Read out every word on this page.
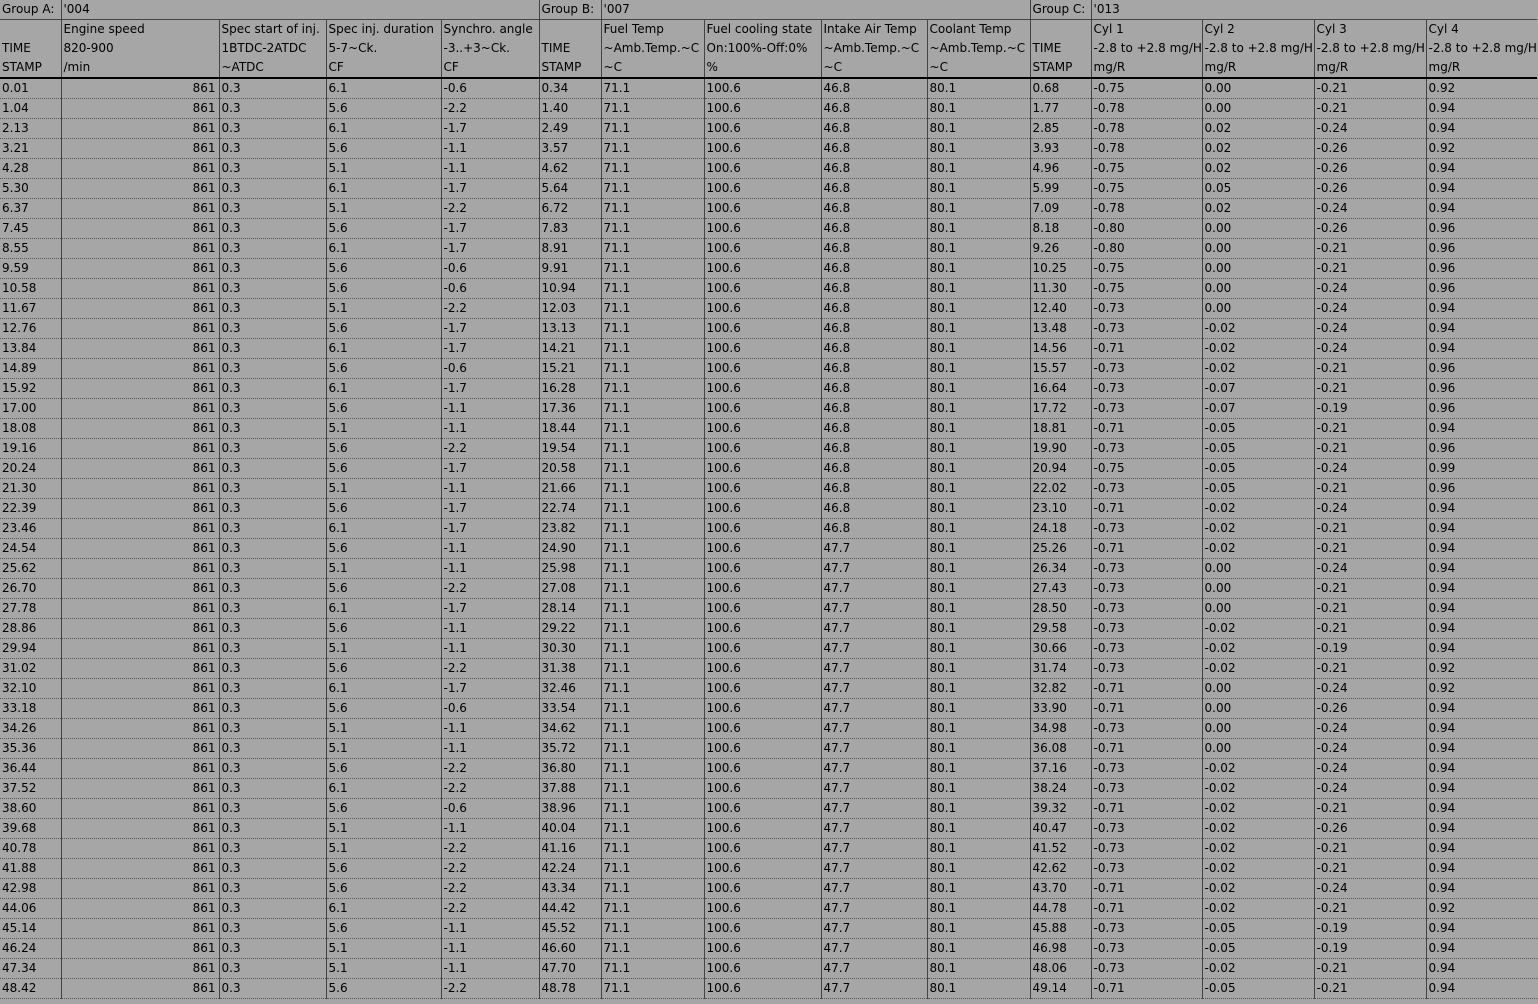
Group A:	'004				Group B:	'007				Group C:	'013			
	Engine speed	Spec start of inj.	Spec inj. duration	Synchro. angle		Fuel Temp	Fuel cooling state	Intake Air Temp	Coolant Temp		Cyl 1	Cyl 2	Cyl 3	Cyl 4
TIME	820-900	1BTDC-2ATDC	5-7~Ck.	-3..+3~Ck.	TIME	~Amb.Temp.~C	On:100%-Off:0%	~Amb.Temp.~C	~Amb.Temp.~C	TIME	-2.8 to +2.8 mg/H	-2.8 to +2.8 mg/H	-2.8 to +2.8 mg/H	-2.8 to +2.8 mg/H
STAMP	/min	~ATDC	CF	CF	STAMP	~C	%	~C	~C	STAMP	mg/R	mg/R	mg/R	mg/R
0.01	861	0.3	6.1	-0.6	0.34	71.1	100.6	46.8	80.1	0.68	-0.75	0.00	-0.21	0.92
1.04	861	0.3	5.6	-2.2	1.40	71.1	100.6	46.8	80.1	1.77	-0.78	0.00	-0.21	0.94
2.13	861	0.3	6.1	-1.7	2.49	71.1	100.6	46.8	80.1	2.85	-0.78	0.02	-0.24	0.94
3.21	861	0.3	5.6	-1.1	3.57	71.1	100.6	46.8	80.1	3.93	-0.78	0.02	-0.26	0.92
4.28	861	0.3	5.1	-1.1	4.62	71.1	100.6	46.8	80.1	4.96	-0.75	0.02	-0.26	0.94
5.30	861	0.3	6.1	-1.7	5.64	71.1	100.6	46.8	80.1	5.99	-0.75	0.05	-0.26	0.94
6.37	861	0.3	5.1	-2.2	6.72	71.1	100.6	46.8	80.1	7.09	-0.78	0.02	-0.24	0.94
7.45	861	0.3	5.6	-1.7	7.83	71.1	100.6	46.8	80.1	8.18	-0.80	0.00	-0.26	0.96
8.55	861	0.3	6.1	-1.7	8.91	71.1	100.6	46.8	80.1	9.26	-0.80	0.00	-0.21	0.96
9.59	861	0.3	5.6	-0.6	9.91	71.1	100.6	46.8	80.1	10.25	-0.75	0.00	-0.21	0.96
10.58	861	0.3	5.6	-0.6	10.94	71.1	100.6	46.8	80.1	11.30	-0.75	0.00	-0.24	0.96
11.67	861	0.3	5.1	-2.2	12.03	71.1	100.6	46.8	80.1	12.40	-0.73	0.00	-0.24	0.94
12.76	861	0.3	5.6	-1.7	13.13	71.1	100.6	46.8	80.1	13.48	-0.73	-0.02	-0.24	0.94
13.84	861	0.3	6.1	-1.7	14.21	71.1	100.6	46.8	80.1	14.56	-0.71	-0.02	-0.24	0.94
14.89	861	0.3	5.6	-0.6	15.21	71.1	100.6	46.8	80.1	15.57	-0.73	-0.02	-0.21	0.96
15.92	861	0.3	6.1	-1.7	16.28	71.1	100.6	46.8	80.1	16.64	-0.73	-0.07	-0.21	0.96
17.00	861	0.3	5.6	-1.1	17.36	71.1	100.6	46.8	80.1	17.72	-0.73	-0.07	-0.19	0.96
18.08	861	0.3	5.1	-1.1	18.44	71.1	100.6	46.8	80.1	18.81	-0.71	-0.05	-0.21	0.94
19.16	861	0.3	5.6	-2.2	19.54	71.1	100.6	46.8	80.1	19.90	-0.73	-0.05	-0.21	0.96
20.24	861	0.3	5.6	-1.7	20.58	71.1	100.6	46.8	80.1	20.94	-0.75	-0.05	-0.24	0.99
21.30	861	0.3	5.1	-1.1	21.66	71.1	100.6	46.8	80.1	22.02	-0.73	-0.05	-0.21	0.96
22.39	861	0.3	5.6	-1.7	22.74	71.1	100.6	46.8	80.1	23.10	-0.71	-0.02	-0.24	0.94
23.46	861	0.3	6.1	-1.7	23.82	71.1	100.6	46.8	80.1	24.18	-0.73	-0.02	-0.21	0.94
24.54	861	0.3	5.6	-1.1	24.90	71.1	100.6	47.7	80.1	25.26	-0.71	-0.02	-0.21	0.94
25.62	861	0.3	5.1	-1.1	25.98	71.1	100.6	47.7	80.1	26.34	-0.73	0.00	-0.24	0.94
26.70	861	0.3	5.6	-2.2	27.08	71.1	100.6	47.7	80.1	27.43	-0.73	0.00	-0.21	0.94
27.78	861	0.3	6.1	-1.7	28.14	71.1	100.6	47.7	80.1	28.50	-0.73	0.00	-0.21	0.94
28.86	861	0.3	5.6	-1.1	29.22	71.1	100.6	47.7	80.1	29.58	-0.73	-0.02	-0.21	0.94
29.94	861	0.3	5.1	-1.1	30.30	71.1	100.6	47.7	80.1	30.66	-0.73	-0.02	-0.19	0.94
31.02	861	0.3	5.6	-2.2	31.38	71.1	100.6	47.7	80.1	31.74	-0.73	-0.02	-0.21	0.92
32.10	861	0.3	6.1	-1.7	32.46	71.1	100.6	47.7	80.1	32.82	-0.71	0.00	-0.24	0.92
33.18	861	0.3	5.6	-0.6	33.54	71.1	100.6	47.7	80.1	33.90	-0.71	0.00	-0.26	0.94
34.26	861	0.3	5.1	-1.1	34.62	71.1	100.6	47.7	80.1	34.98	-0.73	0.00	-0.24	0.94
35.36	861	0.3	5.1	-1.1	35.72	71.1	100.6	47.7	80.1	36.08	-0.71	0.00	-0.24	0.94
36.44	861	0.3	5.6	-2.2	36.80	71.1	100.6	47.7	80.1	37.16	-0.73	-0.02	-0.24	0.94
37.52	861	0.3	6.1	-2.2	37.88	71.1	100.6	47.7	80.1	38.24	-0.73	-0.02	-0.24	0.94
38.60	861	0.3	5.6	-0.6	38.96	71.1	100.6	47.7	80.1	39.32	-0.71	-0.02	-0.21	0.94
39.68	861	0.3	5.1	-1.1	40.04	71.1	100.6	47.7	80.1	40.47	-0.73	-0.02	-0.26	0.94
40.78	861	0.3	5.1	-2.2	41.16	71.1	100.6	47.7	80.1	41.52	-0.73	-0.02	-0.21	0.94
41.88	861	0.3	5.6	-2.2	42.24	71.1	100.6	47.7	80.1	42.62	-0.73	-0.02	-0.21	0.94
42.98	861	0.3	5.6	-2.2	43.34	71.1	100.6	47.7	80.1	43.70	-0.71	-0.02	-0.24	0.94
44.06	861	0.3	6.1	-2.2	44.42	71.1	100.6	47.7	80.1	44.78	-0.71	-0.02	-0.21	0.92
45.14	861	0.3	5.6	-1.1	45.52	71.1	100.6	47.7	80.1	45.88	-0.73	-0.05	-0.19	0.94
46.24	861	0.3	5.1	-1.1	46.60	71.1	100.6	47.7	80.1	46.98	-0.73	-0.05	-0.19	0.94
47.34	861	0.3	5.1	-1.1	47.70	71.1	100.6	47.7	80.1	48.06	-0.73	-0.02	-0.21	0.94
48.42	861	0.3	5.6	-2.2	48.78	71.1	100.6	47.7	80.1	49.14	-0.71	-0.05	-0.21	0.94
